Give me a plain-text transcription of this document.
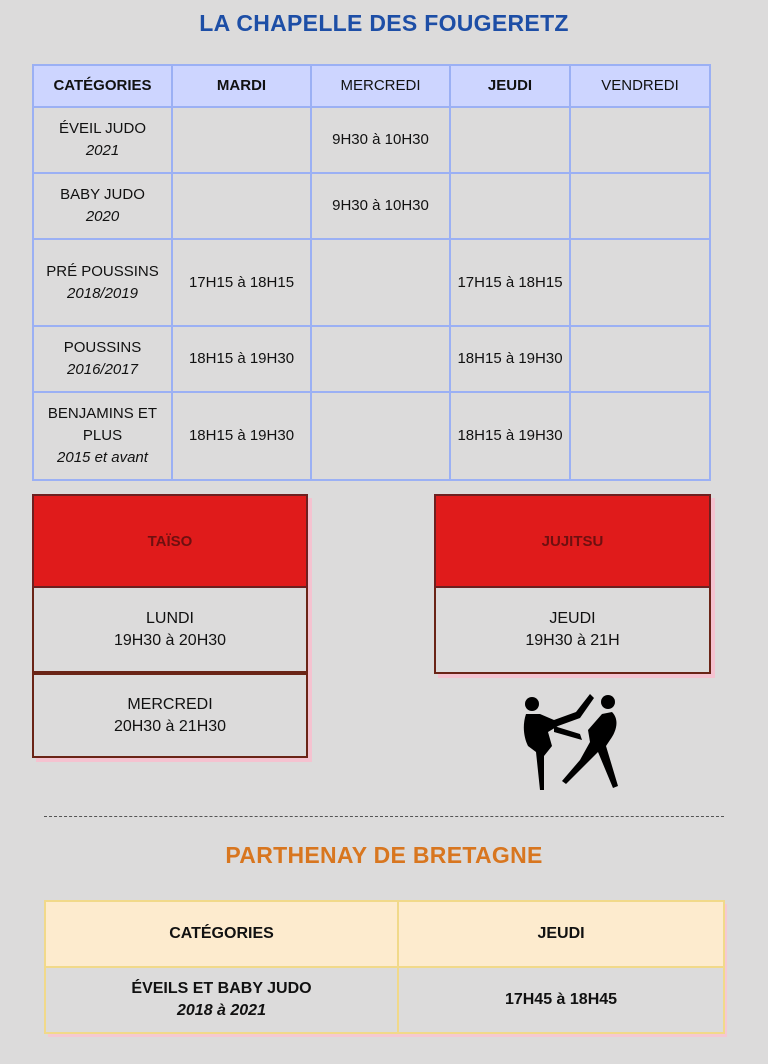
LA CHAPELLE DES FOUGERETZ
CATÉGORIES	MARDI	MERCREDI	JEUDI	VENDREDI
ÉVEIL JUDO
2021		9H30 à 10H30		
BABY JUDO
2020		9H30 à 10H30		
PRÉ POUSSINS
2018/2019	17H15 à 18H15		17H15 à 18H15	
POUSSINS
2016/2017	18H15 à 19H30		18H15 à 19H30	
BENJAMINS ET PLUS
2015 et avant	18H15 à 19H30		18H15 à 19H30	
TAÏSO
LUNDI
19H30 à 20H30
MERCREDI
20H30 à 21H30
JUJITSU
JEUDI
19H30 à 21H
PARTHENAY DE BRETAGNE
CATÉGORIES	JEUDI

ÉVEILS ET BABY JUDO
2018 à 2021	17H45 à 18H45
